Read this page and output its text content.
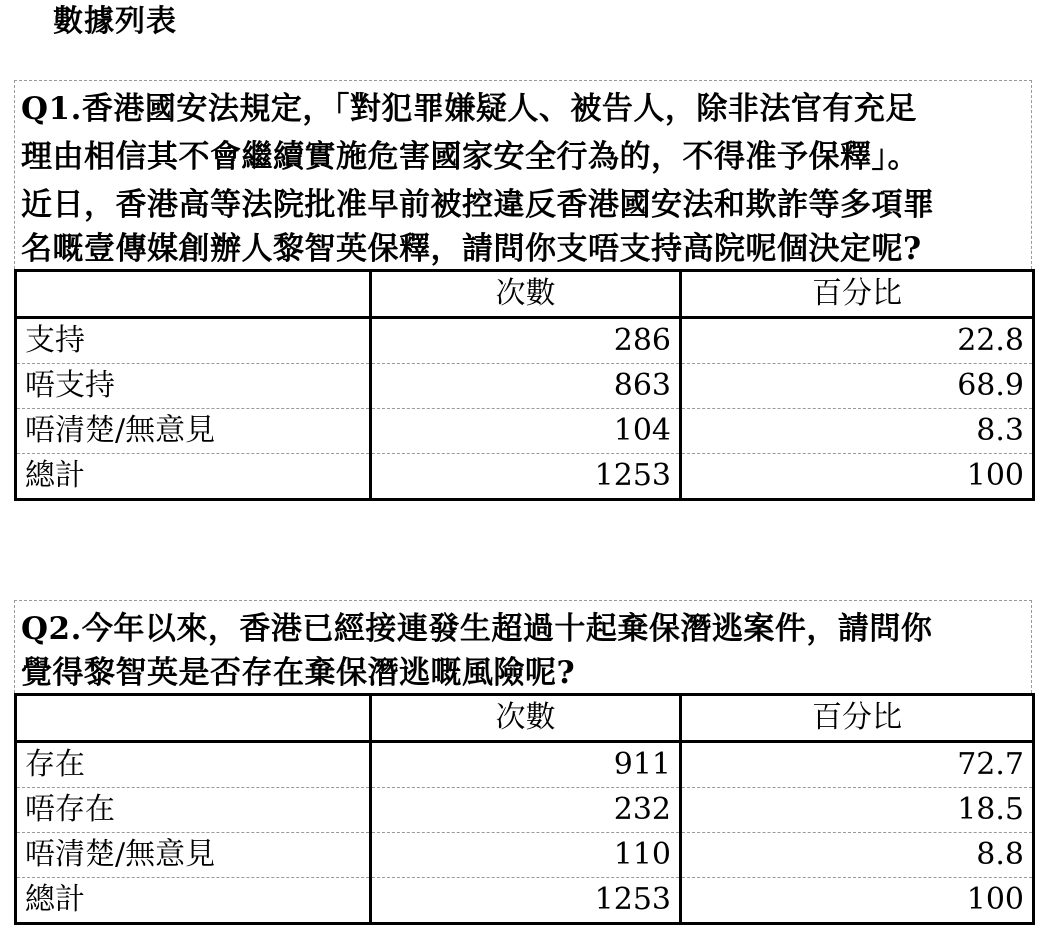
數據列表
Q1.香港國安法規定，「對犯罪嫌疑人、被告人，除非法官有充足
理由相信其不會繼續實施危害國家安全行為的，不得准予保釋」。
近日，香港高等法院批准早前被控違反香港國安法和欺詐等多項罪
名嘅壹傳媒創辦人黎智英保釋，請問你支唔支持高院呢個決定呢?
	次數	百分比
支持	286	22.8
唔支持	863	68.9
唔清楚/無意見	104	8.3
總計	1253	100
Q2.今年以來，香港已經接連發生超過十起棄保潛逃案件，請問你
覺得黎智英是否存在棄保潛逃嘅風險呢?
	次數	百分比
存在	911	72.7
唔存在	232	18.5
唔清楚/無意見	110	8.8
總計	1253	100
